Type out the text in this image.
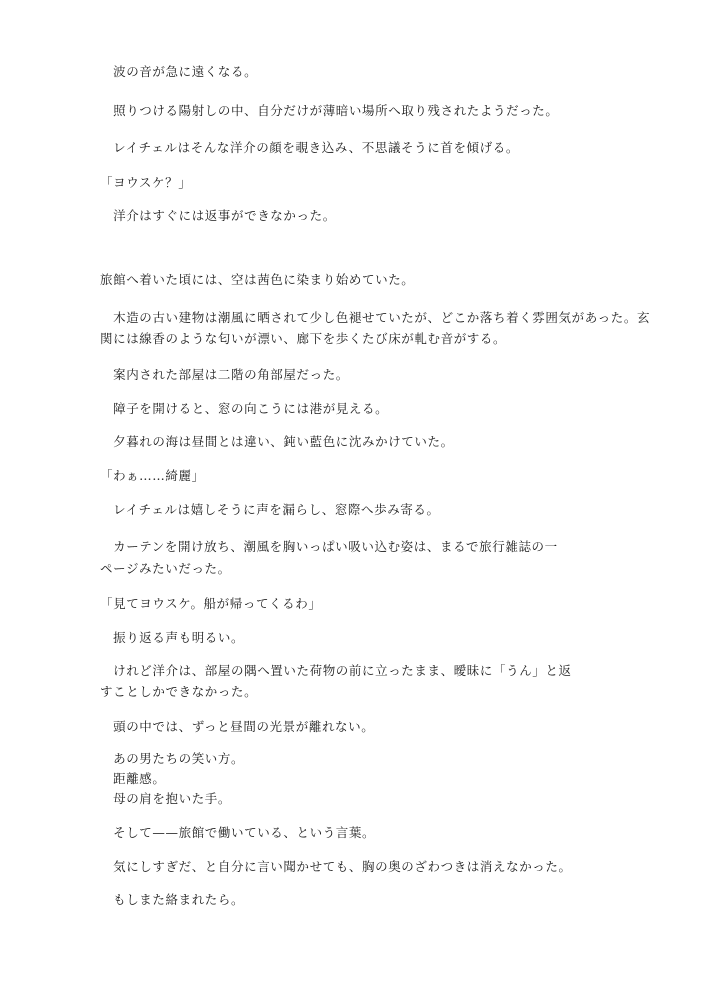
　波の音が急に遠くなる。
　照りつける陽射しの中、自分だけが薄暗い場所へ取り残されたようだった。
　レイチェルはそんな洋介の顔を覗き込み、不思議そうに首を傾げる。
「ヨウスケ？」
　洋介はすぐには返事ができなかった。
旅館へ着いた頃には、空は茜色に染まり始めていた。
　木造の古い建物は潮風に晒されて少し色褪せていたが、どこか落ち着く雰囲気があった。玄
関には線香のような匂いが漂い、廊下を歩くたび床が軋む音がする。
　案内された部屋は二階の角部屋だった。
　障子を開けると、窓の向こうには港が見える。
　夕暮れの海は昼間とは違い、鈍い藍色に沈みかけていた。
「わぁ……綺麗」
　レイチェルは嬉しそうに声を漏らし、窓際へ歩み寄る。
　カーテンを開け放ち、潮風を胸いっぱい吸い込む姿は、まるで旅行雑誌の一
ページみたいだった。
「見てヨウスケ。船が帰ってくるわ」
　振り返る声も明るい。
　けれど洋介は、部屋の隅へ置いた荷物の前に立ったまま、曖昧に「うん」と返
すことしかできなかった。
　頭の中では、ずっと昼間の光景が離れない。
　あの男たちの笑い方。
　距離感。
　母の肩を抱いた手。
　そして——旅館で働いている、という言葉。
　気にしすぎだ、と自分に言い聞かせても、胸の奥のざわつきは消えなかった。
　もしまた絡まれたら。
